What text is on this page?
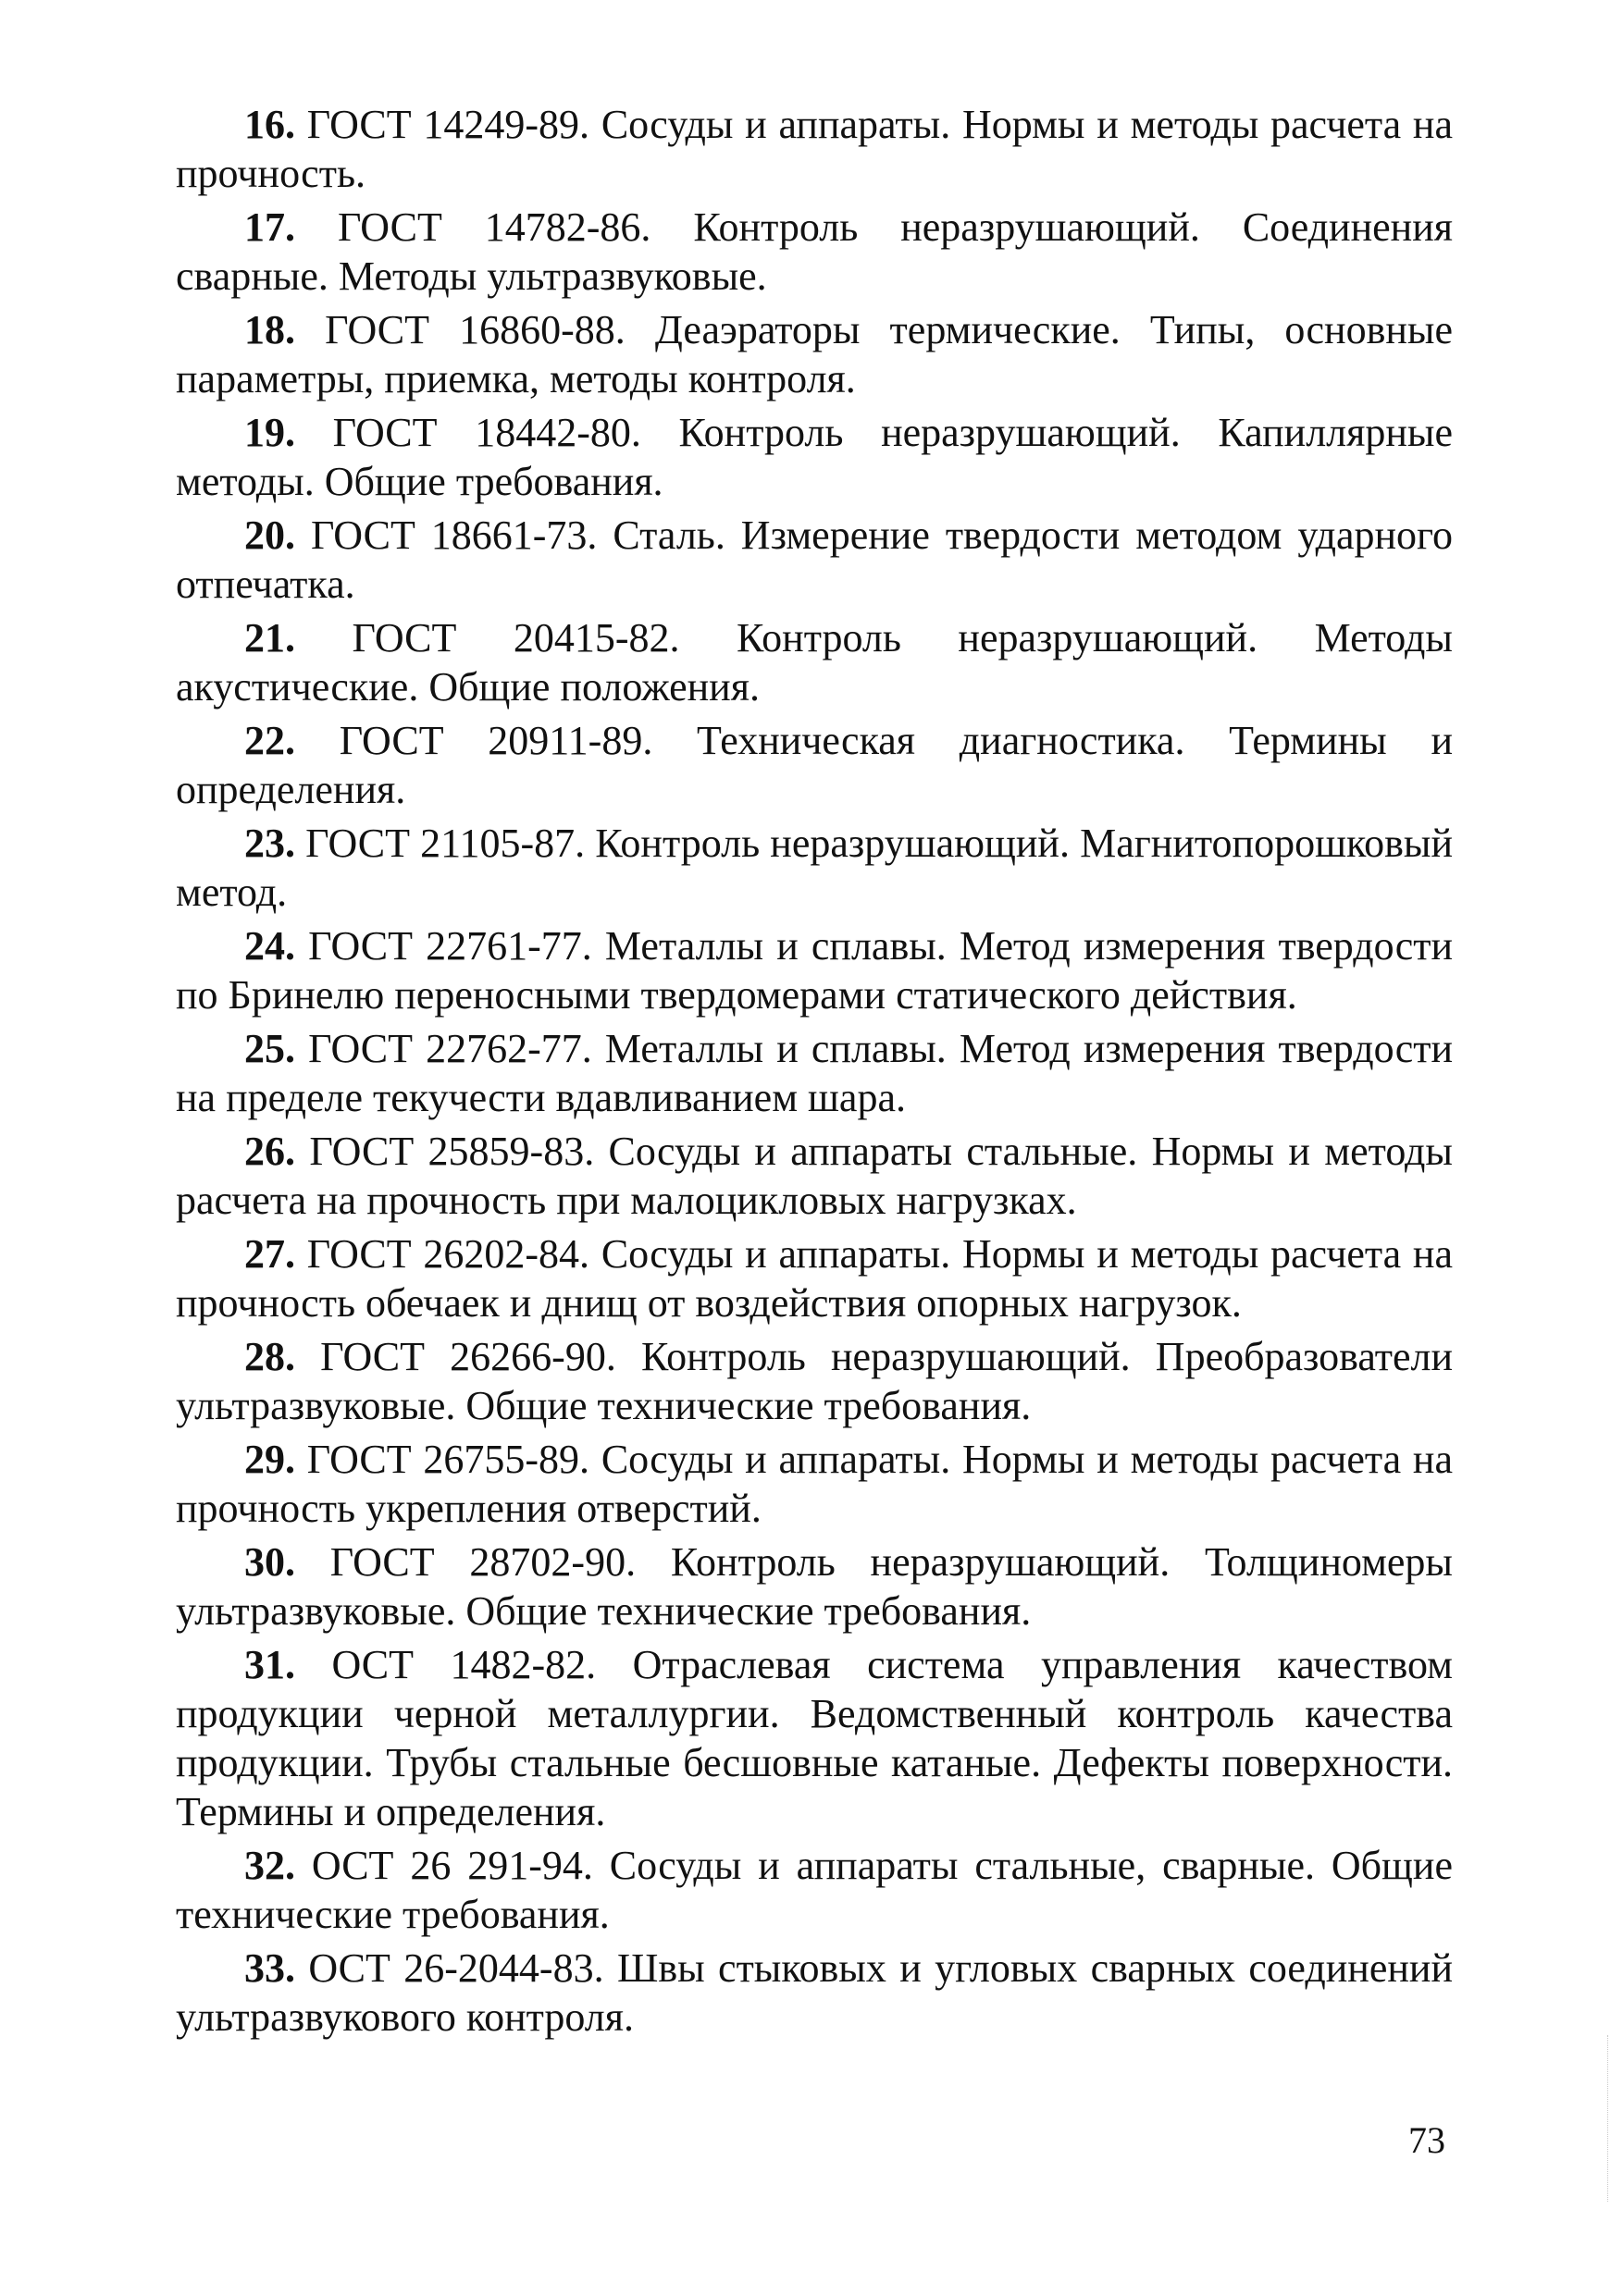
16. ГОСТ 14249-89. Сосуды и аппараты. Нормы и методы расчета на прочность.
17. ГОСТ 14782-86. Контроль неразрушающий. Соединения сварные. Методы ультразвуковые.
18. ГОСТ 16860-88. Деаэраторы термические. Типы, основные параметры, приемка, методы контроля.
19. ГОСТ 18442-80. Контроль неразрушающий. Капиллярные методы. Общие требования.
20. ГОСТ 18661-73. Сталь. Измерение твердости методом ударного отпечатка.
21. ГОСТ 20415-82. Контроль неразрушающий. Методы акустические. Общие положения.
22. ГОСТ 20911-89. Техническая диагностика. Термины и определения.
23. ГОСТ 21105-87. Контроль неразрушающий. Магнитопорошковый метод.
24. ГОСТ 22761-77. Металлы и сплавы. Метод измерения твердости по Бринелю переносными твердомерами статического действия.
25. ГОСТ 22762-77. Металлы и сплавы. Метод измерения твердости на пределе текучести вдавливанием шара.
26. ГОСТ 25859-83. Сосуды и аппараты стальные. Нормы и методы расчета на прочность при малоцикловых нагрузках.
27. ГОСТ 26202-84. Сосуды и аппараты. Нормы и методы расчета на прочность обечаек и днищ от воздействия опорных нагрузок.
28. ГОСТ 26266-90. Контроль неразрушающий. Преобразователи ультразвуковые. Общие технические требования.
29. ГОСТ 26755-89. Сосуды и аппараты. Нормы и методы расчета на прочность укрепления отверстий.
30. ГОСТ 28702-90. Контроль неразрушающий. Толщиномеры ультразвуковые. Общие технические требования.
31. ОСТ 1482-82. Отраслевая система управления качеством продукции черной металлургии. Ведомственный контроль качества продукции. Трубы стальные бесшовные катаные. Дефекты поверхности. Термины и определения.
32. ОСТ 26 291-94. Сосуды и аппараты стальные, сварные. Общие технические требования.
33. ОСТ 26-2044-83. Швы стыковых и угловых сварных соединений ультразвукового контроля.
73
